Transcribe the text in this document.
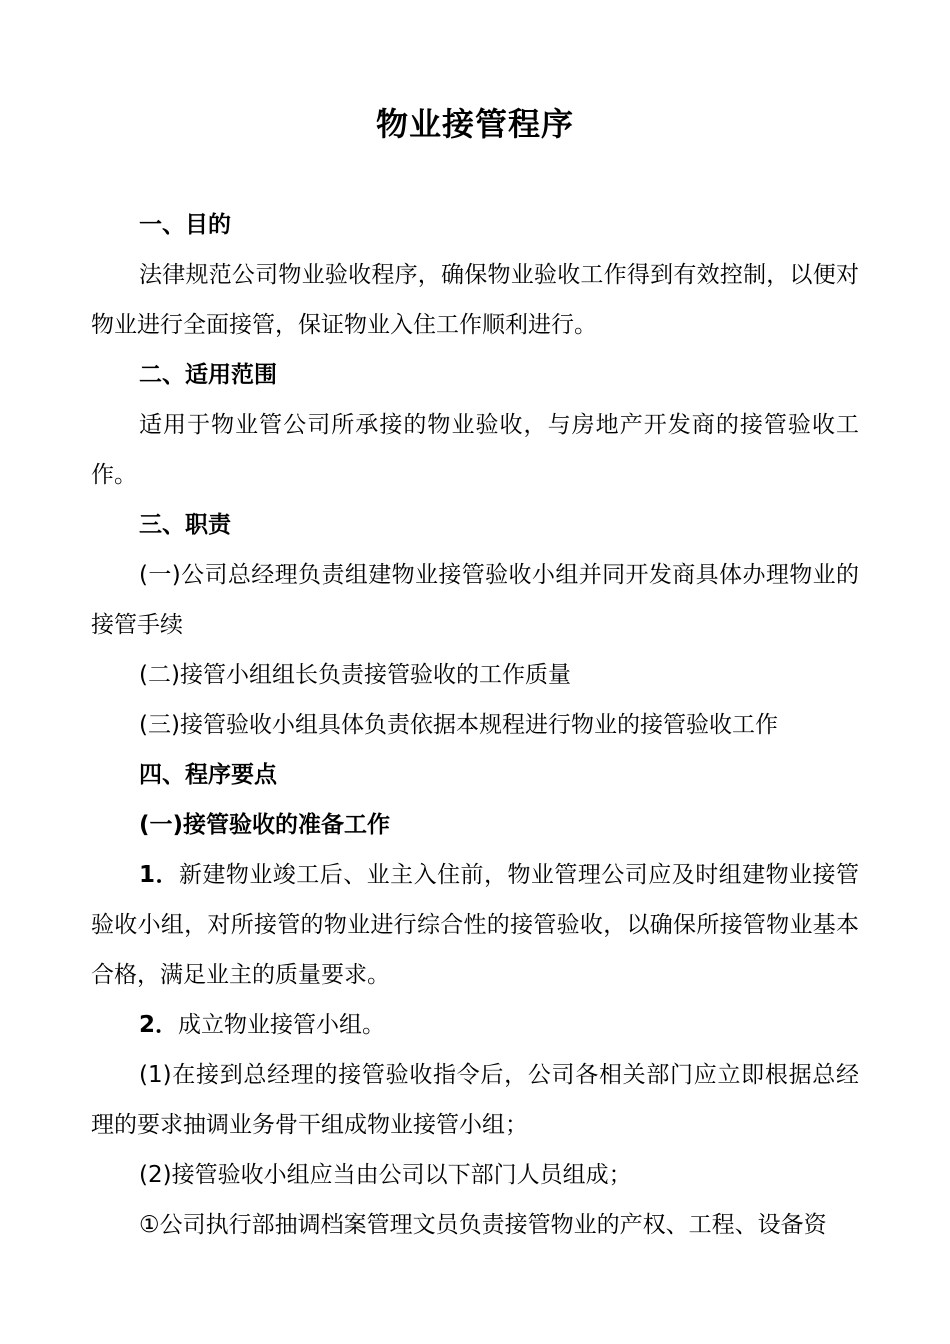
物业接管程序

一、目的

法律规范公司物业验收程序，确保物业验收工作得到有效控制，以便对物业进行全面接管，保证物业入住工作顺利进行。

二、适用范围

适用于物业管公司所承接的物业验收，与房地产开发商的接管验收工作。

三、职责

(一)公司总经理负责组建物业接管验收小组并同开发商具体办理物业的接管手续

(二)接管小组组长负责接管验收的工作质量

(三)接管验收小组具体负责依据本规程进行物业的接管验收工作

四、程序要点

(一)接管验收的准备工作

1．新建物业竣工后、业主入住前，物业管理公司应及时组建物业接管验收小组，对所接管的物业进行综合性的接管验收，以确保所接管物业基本合格，满足业主的质量要求。

2．成立物业接管小组。

(1)在接到总经理的接管验收指令后，公司各相关部门应立即根据总经理的要求抽调业务骨干组成物业接管小组；

(2)接管验收小组应当由公司以下部门人员组成；

①公司执行部抽调档案管理文员负责接管物业的产权、工程、设备资
